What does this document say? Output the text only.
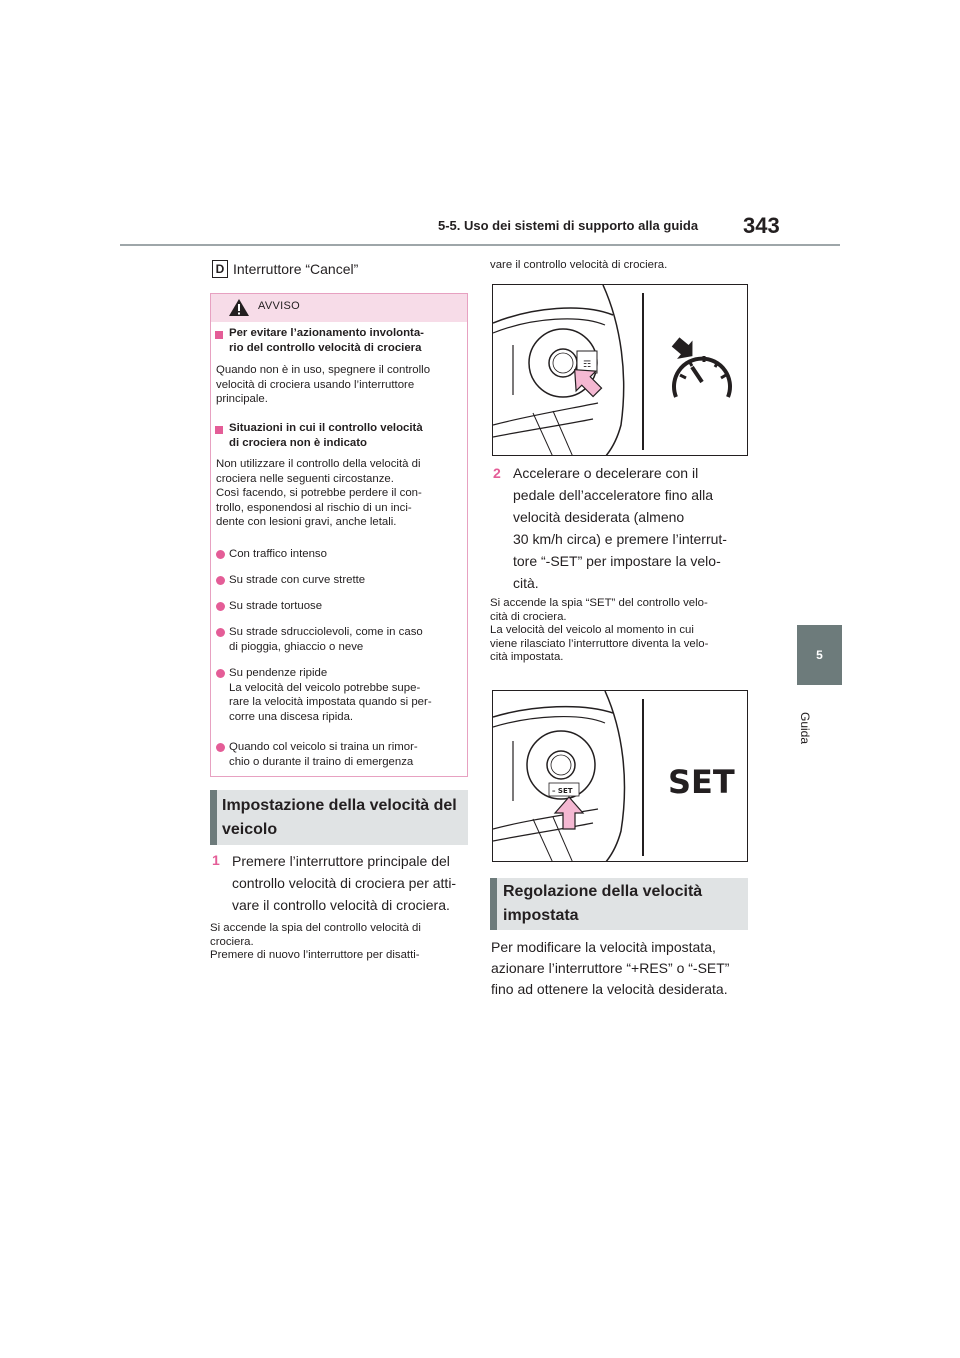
5-5. Uso dei sistemi di supporto alla guida 343
5
Guida
D Interruttore “Cancel”
AVVISO
Per evitare l’azionamento involonta-
rio del controllo velocità di crociera
Quando non è in uso, spegnere il controllo
velocità di crociera usando l’interruttore
principale.
Situazioni in cui il controllo velocità
di crociera non è indicato
Non utilizzare il controllo della velocità di
crociera nelle seguenti circostanze.
Così facendo, si potrebbe perdere il con-
trollo, esponendosi al rischio di un inci-
dente con lesioni gravi, anche letali.
Con traffico intenso
Su strade con curve strette
Su strade tortuose
Su strade sdrucciolevoli, come in caso
di pioggia, ghiaccio o neve
Su pendenze ripide
La velocità del veicolo potrebbe supe-
rare la velocità impostata quando si per-
corre una discesa ripida.
Quando col veicolo si traina un rimor-
chio o durante il traino di emergenza
Impostazione della velocità del
veicolo
1 Premere l’interruttore principale del
controllo velocità di crociera per atti-
vare il controllo velocità di crociera.
Si accende la spia del controllo velocità di
crociera.
Premere di nuovo l’interruttore per disatti-
vare il controllo velocità di crociera.
☶
2 Accelerare o decelerare con il
pedale dell’acceleratore fino alla
velocità desiderata (almeno
30 km/h circa) e premere l’interrut-
tore “-SET” per impostare la velo-
cità.
Si accende la spia “SET” del controllo velo-
cità di crociera.
La velocità del veicolo al momento in cui
viene rilasciato l’interruttore diventa la velo-
cità impostata.
– SET	SET
Regolazione della velocità
impostata
Per modificare la velocità impostata,
azionare l’interruttore “+RES” o “-SET”
fino ad ottenere la velocità desiderata.
